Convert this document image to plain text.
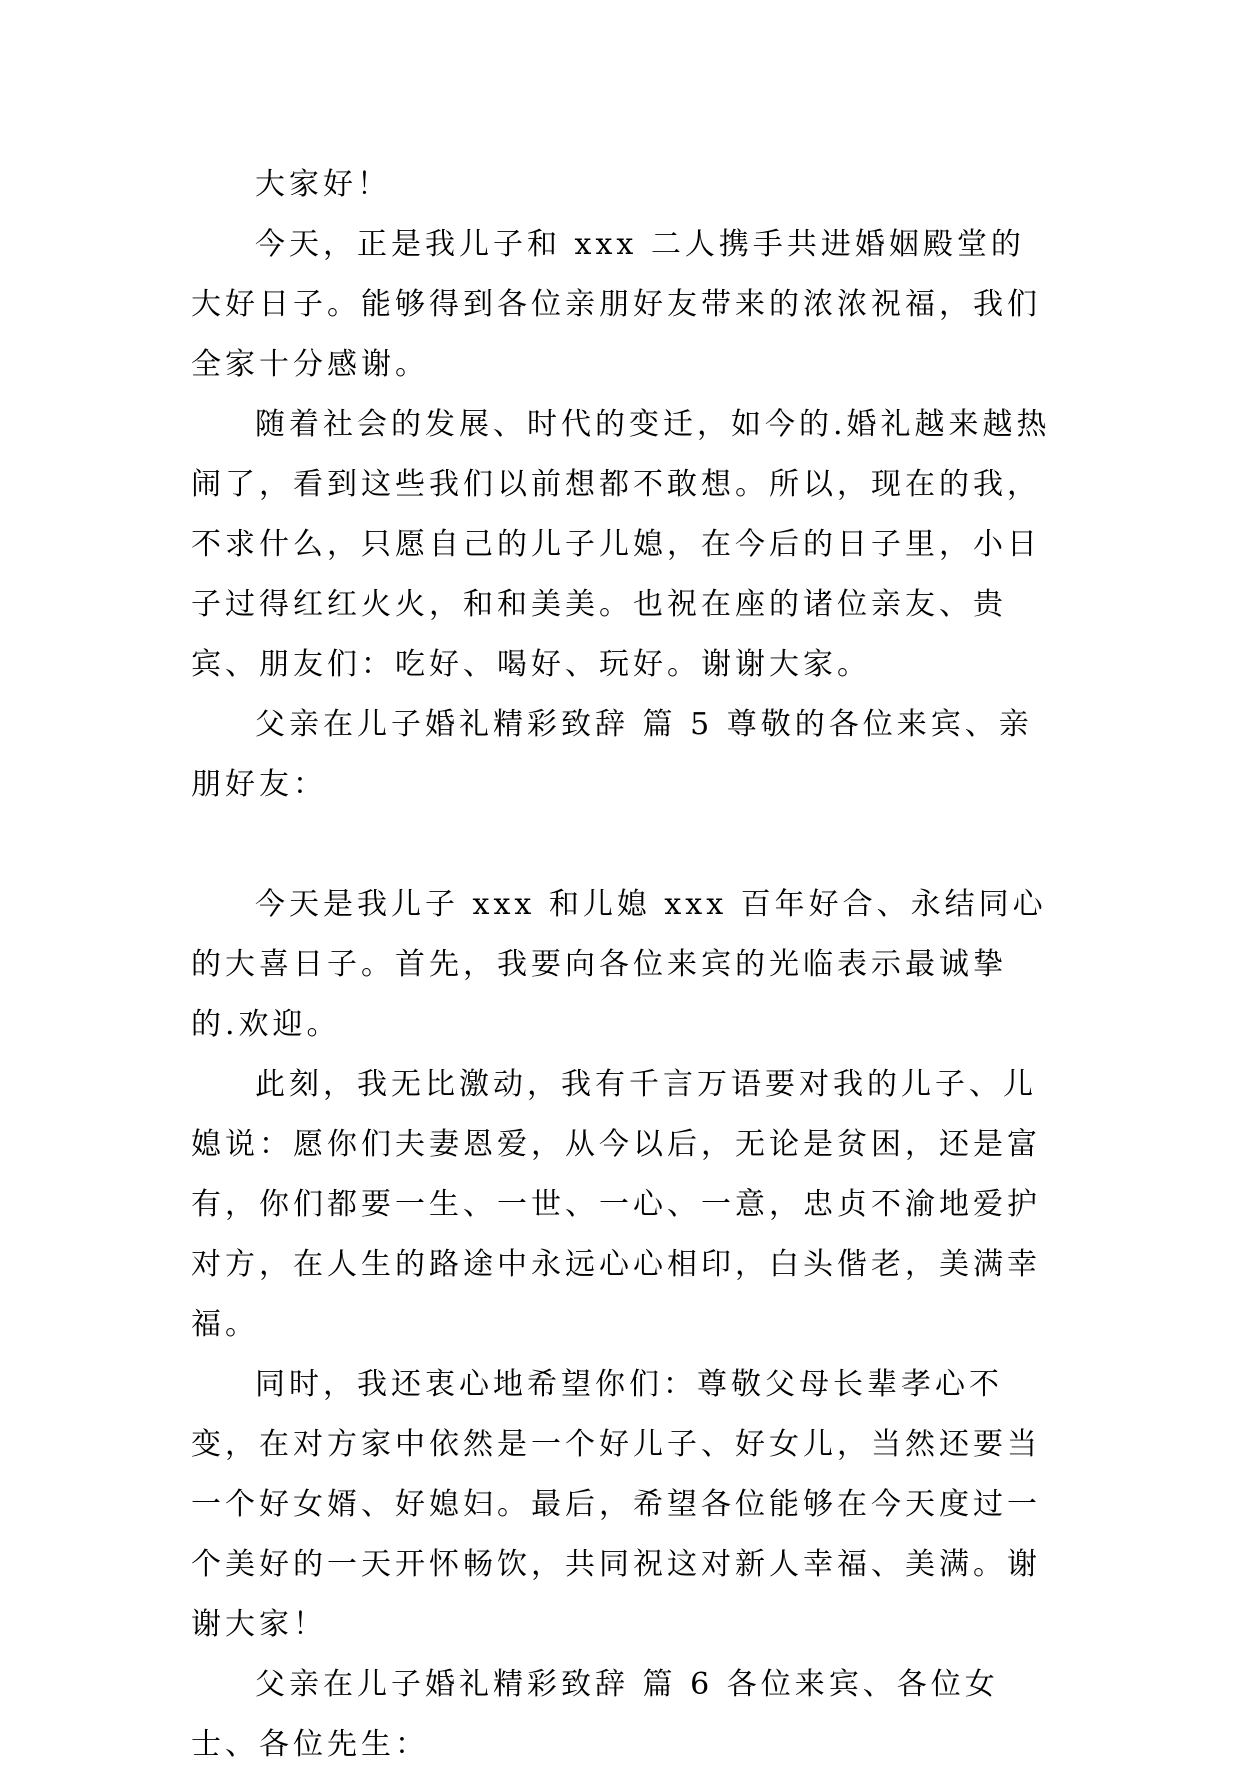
大家好！

今天，正是我儿子和 xxx 二人携手共进婚姻殿堂的大好日子。能够得到各位亲朋好友带来的浓浓祝福，我们全家十分感谢。

随着社会的发展、时代的变迁，如今的.婚礼越来越热闹了，看到这些我们以前想都不敢想。所以，现在的我，不求什么，只愿自己的儿子儿媳，在今后的日子里，小日子过得红红火火，和和美美。也祝在座的诸位亲友、贵宾、朋友们：吃好、喝好、玩好。谢谢大家。

父亲在儿子婚礼精彩致辞 篇 5 尊敬的各位来宾、亲朋好友：

今天是我儿子 xxx 和儿媳 xxx 百年好合、永结同心的大喜日子。首先，我要向各位来宾的光临表示最诚挚的.欢迎。

此刻，我无比激动，我有千言万语要对我的儿子、儿媳说：愿你们夫妻恩爱，从今以后，无论是贫困，还是富有，你们都要一生、一世、一心、一意，忠贞不渝地爱护对方，在人生的路途中永远心心相印，白头偕老，美满幸福。

同时，我还衷心地希望你们：尊敬父母长辈孝心不变，在对方家中依然是一个好儿子、好女儿，当然还要当一个好女婿、好媳妇。最后，希望各位能够在今天度过一个美好的一天开怀畅饮，共同祝这对新人幸福、美满。谢谢大家！

父亲在儿子婚礼精彩致辞 篇 6 各位来宾、各位女士、各位先生：
